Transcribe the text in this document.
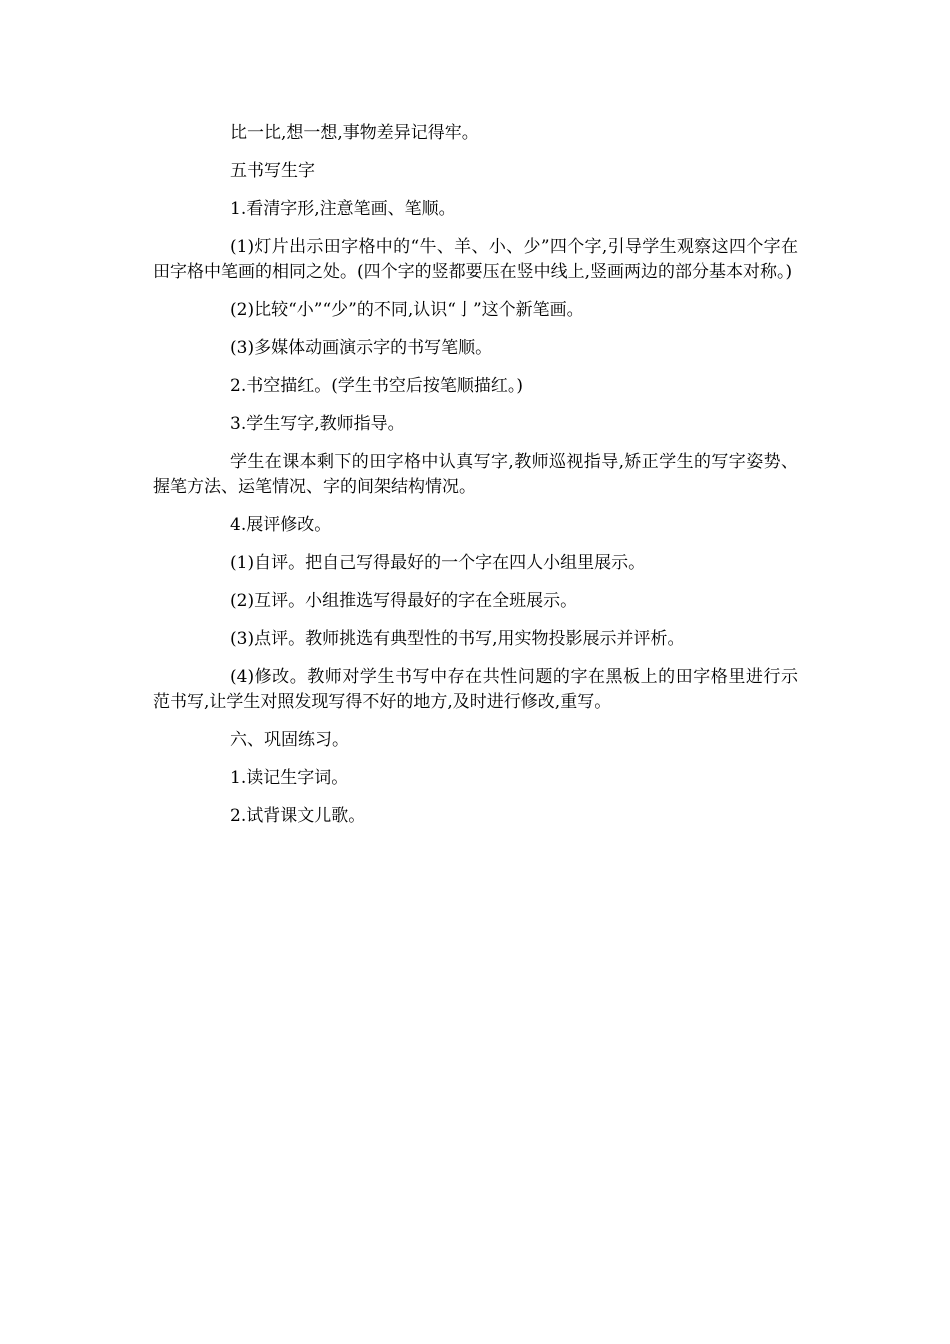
比一比,想一想,事物差异记得牢。

五书写生字

1.看清字形,注意笔画、笔顺。

(1)灯片出示田字格中的“牛、羊、小、少”四个字,引导学生观察这四个字在田字格中笔画的相同之处。(四个字的竖都要压在竖中线上,竖画两边的部分基本对称。)

(2)比较“小”“少”的不同,认识“亅”这个新笔画。

(3)多媒体动画演示字的书写笔顺。

2.书空描红。(学生书空后按笔顺描红。)

3.学生写字,教师指导。

学生在课本剩下的田字格中认真写字,教师巡视指导,矫正学生的写字姿势、握笔方法、运笔情况、字的间架结构情况。

4.展评修改。

(1)自评。把自己写得最好的一个字在四人小组里展示。

(2)互评。小组推选写得最好的字在全班展示。

(3)点评。教师挑选有典型性的书写,用实物投影展示并评析。

(4)修改。教师对学生书写中存在共性问题的字在黑板上的田字格里进行示范书写,让学生对照发现写得不好的地方,及时进行修改,重写。

六、巩固练习。

1.读记生字词。

2.试背课文儿歌。
